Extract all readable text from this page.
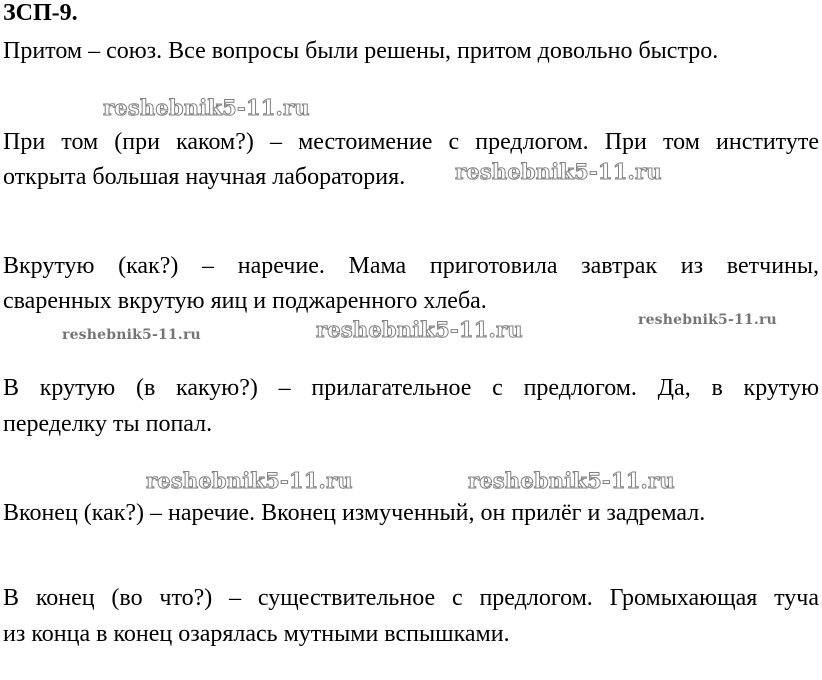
ЗСП-9.
Притом – союз. Все вопросы были решены, притом довольно быстро.
При том (при каком?) – местоимение с предлогом. При том институте
открыта большая научная лаборатория.
Вкрутую (как?) – наречие. Мама приготовила завтрак из ветчины,
сваренных вкрутую яиц и поджаренного хлеба.
В крутую (в какую?) – прилагательное с предлогом. Да, в крутую
переделку ты попал.
Вконец (как?) – наречие. Вконец измученный, он прилёг и задремал.
В конец (во что?) – существительное с предлогом. Громыхающая туча
из конца в конец озарялась мутными вспышками.
reshebnik5-11.ru
reshebnik5-11.ru
reshebnik5-11.ru	reshebnik5-11.ru	reshebnik5-11.ru
reshebnik5-11.ru	reshebnik5-11.ru
